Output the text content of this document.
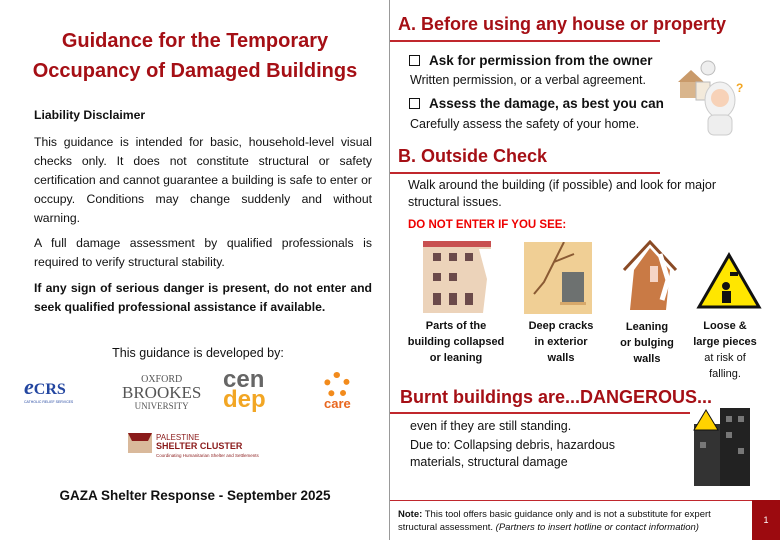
Guidance for the Temporary Occupancy of Damaged Buildings
Liability Disclaimer
This guidance is intended for basic, household-level visual checks only. It does not constitute structural or safety certification and cannot guarantee a building is safe to enter or occupy. Conditions may change suddenly and without warning.
A full damage assessment by qualified professionals is required to verify structural stability.
If any sign of serious danger is present, do not enter and seek qualified professional assistance if available.
This guidance is developed by:
eCRS
CATHOLIC RELIEF SERVICES
OXFORD
BROOKES
UNIVERSITY
cen
dep	care
PALESTINE
SHELTER CLUSTER
Coordinating Humanitarian Shelter and Settlements
GAZA Shelter Response - September 2025
A. Before using any house or property
Ask for permission from the owner
Written permission, or a verbal agreement.
Assess the damage, as best you can
Carefully assess the safety of your home.
?
B. Outside Check
Walk around the building (if possible) and look for major structural issues.
DO NOT ENTER IF YOU SEE:
Parts of the
building collapsed
or leaning
Deep cracks
in exterior
walls
Leaning
or bulging
walls
Loose &
large pieces
at risk of
falling.
Burnt buildings are...DANGEROUS...
even if they are still standing.
Due to: Collapsing debris, hazardous materials, structural damage
Note: This tool offers basic guidance only and is not a substitute for expert structural assessment. (Partners to insert hotline or contact information)
1
